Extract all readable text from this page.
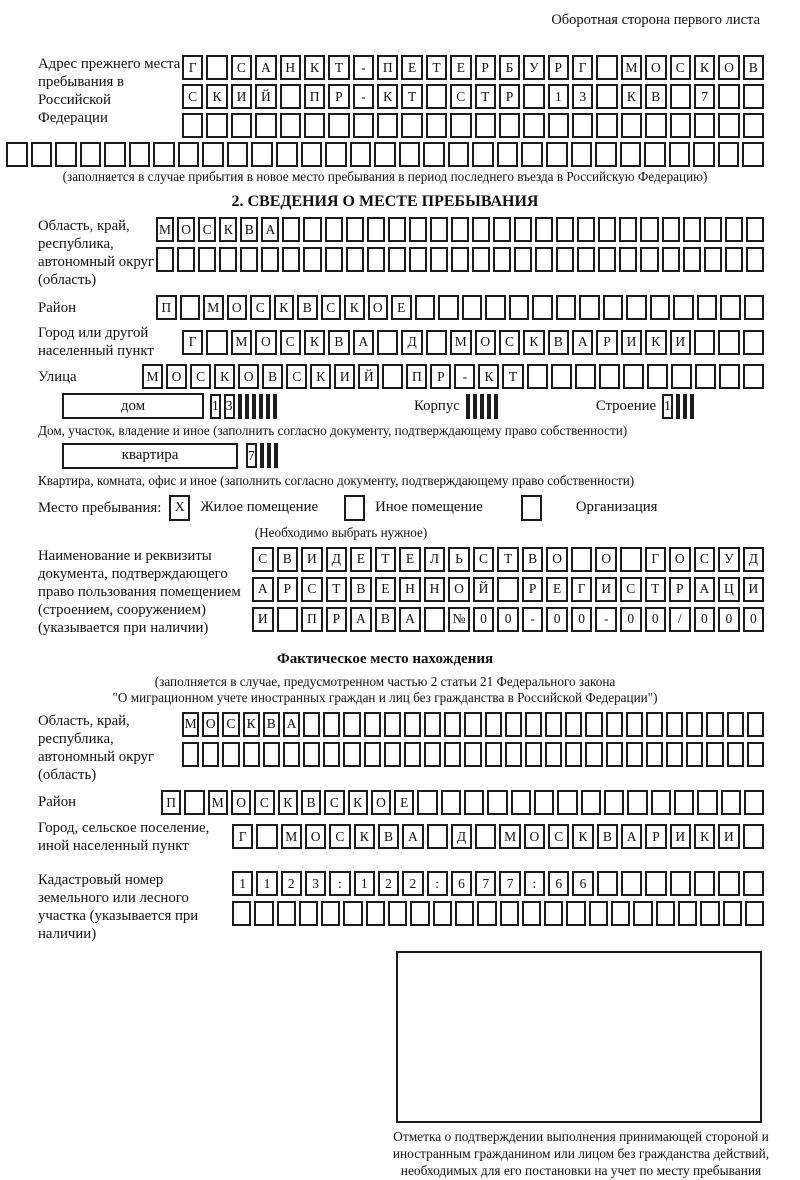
Оборотная сторона первого листа
Адрес прежнего места пребывания в Российской Федерации
Г	С	А	Н	К	Т	-	П	Е	Т	Е	Р	Б	У	Р	Г	М	О	С	К	О	В
С	К	И	Й	П	Р	-	К	Т	С	Т	Р	1	3	К	В	7
(заполняется в случае прибытия в новое место пребывания в период последнего въезда в Российскую Федерацию)
2. СВЕДЕНИЯ О МЕСТЕ ПРЕБЫВАНИЯ
Область, край, республика, автономный округ (область)
М О С К В А
Район	П	М О	С	К	В	С	К	О	Е
Город или другой населенный пункт
Г	М	О	С	К	В	А	Д	М	О	С	К	В	А	Р	И	К	И
Улица	М О	С	К	О	В	С	К	И	Й	П	Р	-	К	Т
дом	1 3	Корпус	Строение 1
Дом, участок, владение и иное (заполнить согласно документу, подтверждающему право собственности)
квартира	7
Квартира, комната, офис и иное (заполнить согласно документу, подтверждающему право собственности)
Место пребывания: X	Жилое помещение	Иное помещение	Организация
(Необходимо выбрать нужное)
Наименование и реквизиты документа, подтверждающего право пользования помещением (строением, сооружением) (указывается при наличии)
С	В	И	Д	Е	Т	Е	Л	Ь	С	Т	В	О	О	Г	О	С	У	Д
А	Р	С	Т	В	Е	Н	Н	О	Й	Р	Е	Г	И	С	Т	Р	А	Ц	И
И	П	Р	А	В	А	№	0	0	-	0	0	-	0	0	/	0	0	0
Фактическое место нахождения
(заполняется в случае, предусмотренном частью 2 статьи 21 Федерального закона
"О миграционном учете иностранных граждан и лиц без гражданства в Российской Федерации")
Область, край, республика, автономный округ (область)
М О С К В А
Район	П	М О	С	К	В	С	К	О	Е
Город, сельское поселение, иной населенный пункт
Г	М О	С	К	В	А	Д	М О	С	К	В	А	Р	И	К	И
Кадастровый номер земельного или лесного участка (указывается при наличии)
1	1	2	3	:	1	2	2	:	6	7	7	:	6	6
Отметка о подтверждении выполнения принимающей стороной и иностранным гражданином или лицом без гражданства действий, необходимых для его постановки на учет по месту пребывания
